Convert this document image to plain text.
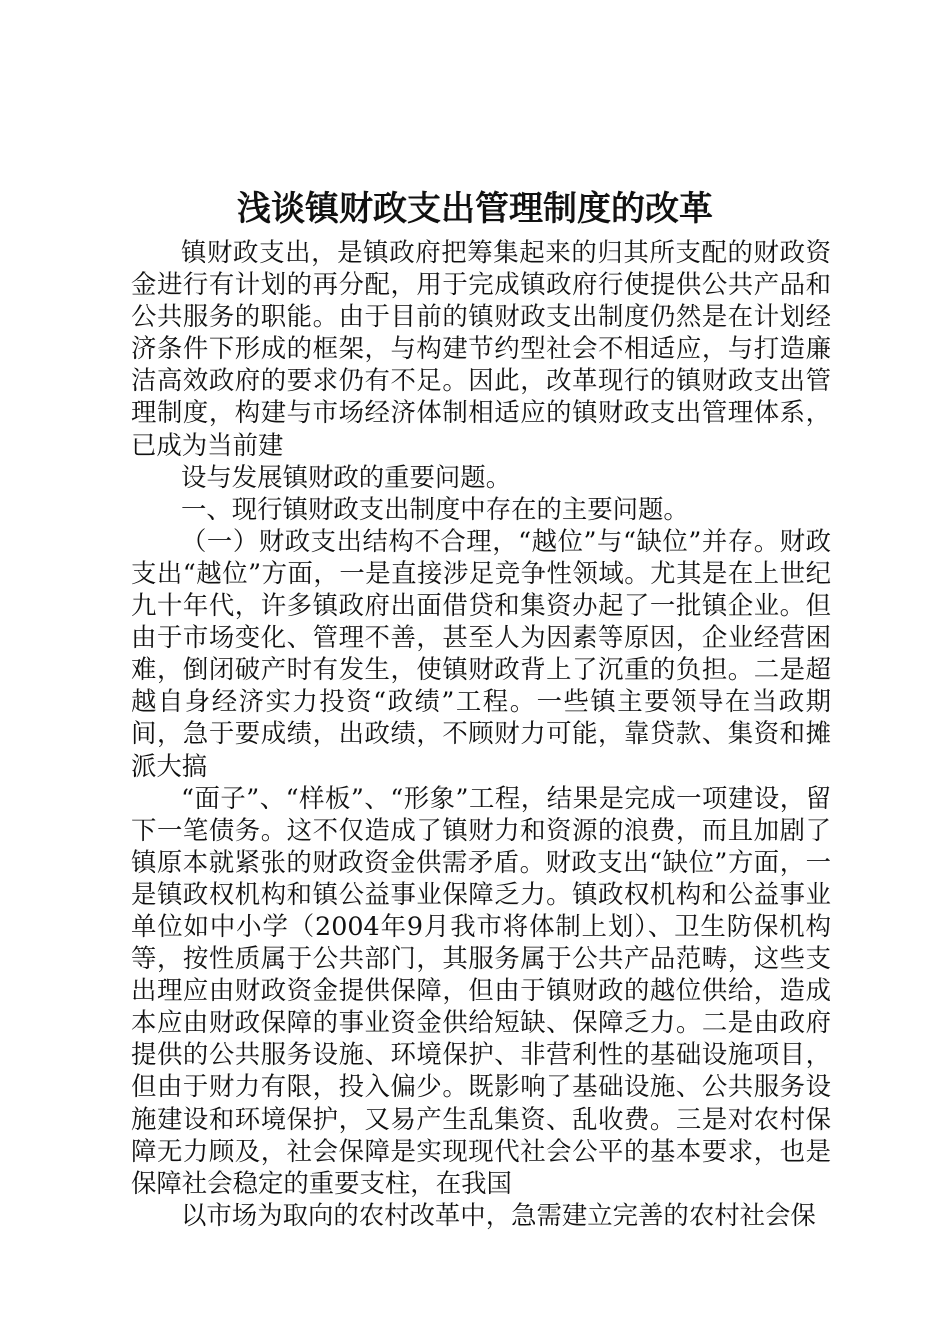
浅谈镇财政支出管理制度的改革

镇财政支出，是镇政府把筹集起来的归其所支配的财政资金进行有计划的再分配，用于完成镇政府行使提供公共产品和公共服务的职能。由于目前的镇财政支出制度仍然是在计划经济条件下形成的框架，与构建节约型社会不相适应，与打造廉洁高效政府的要求仍有不足。因此，改革现行的镇财政支出管理制度，构建与市场经济体制相适应的镇财政支出管理体系，已成为当前建

设与发展镇财政的重要问题。

一、现行镇财政支出制度中存在的主要问题。

（一）财政支出结构不合理，“越位”与“缺位”并存。财政支出“越位”方面，一是直接涉足竞争性领域。尤其是在上世纪九十年代，许多镇政府出面借贷和集资办起了一批镇企业。但由于市场变化、管理不善，甚至人为因素等原因，企业经营困难，倒闭破产时有发生，使镇财政背上了沉重的负担。二是超越自身经济实力投资“政绩”工程。一些镇主要领导在当政期间，急于要成绩，出政绩，不顾财力可能，靠贷款、集资和摊派大搞

“面子”、“样板”、“形象”工程，结果是完成一项建设，留下一笔债务。这不仅造成了镇财力和资源的浪费，而且加剧了镇原本就紧张的财政资金供需矛盾。财政支出“缺位”方面，一是镇政权机构和镇公益事业保障乏力。镇政权机构和公益事业单位如中小学（2004年9月我市将体制上划）、卫生防保机构等，按性质属于公共部门，其服务属于公共产品范畴，这些支出理应由财政资金提供保障，但由于镇财政的越位供给，造成本应由财政保障的事业资金供给短缺、保障乏力。二是由政府提供的公共服务设施、环境保护、非营利性的基础设施项目，但由于财力有限，投入偏少。既影响了基础设施、公共服务设施建设和环境保护，又易产生乱集资、乱收费。三是对农村保障无力顾及，社会保障是实现现代社会公平的基本要求，也是保障社会稳定的重要支柱，在我国

以市场为取向的农村改革中，急需建立完善的农村社会保
